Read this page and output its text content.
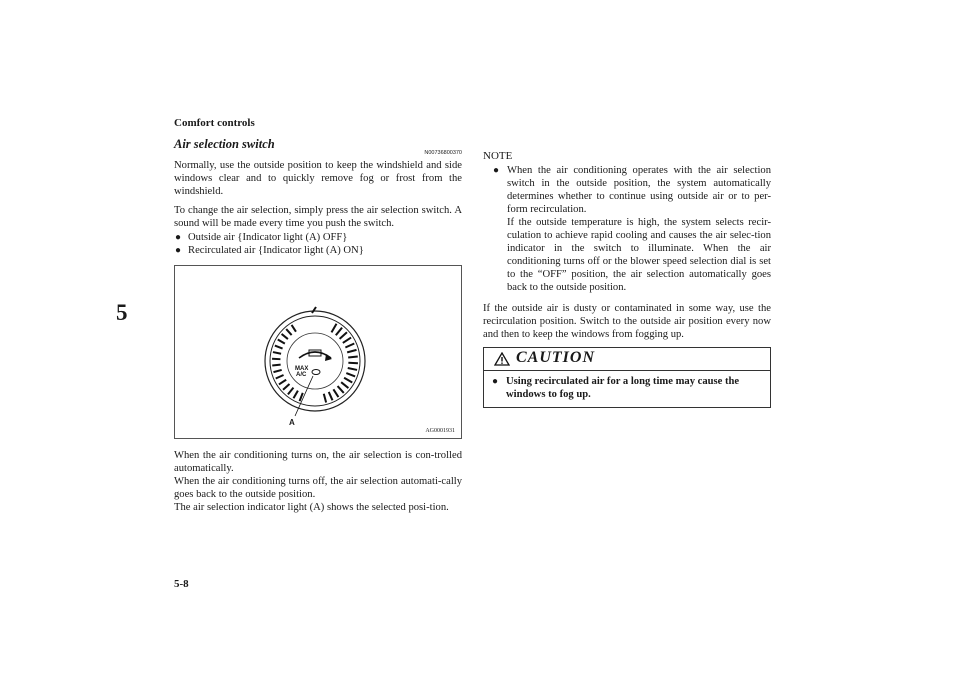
Comfort controls
5
5-8
Air selection switch
N00736800370

Normally, use the outside position to keep the windshield and side windows clear and to quickly remove fog or frost from the windshield.

To change the air selection, simply press the air selection switch. A sound will be made every time you push the switch.

● Outside air {Indicator light (A) OFF}
● Recirculated air {Indicator light (A) ON}
MAX
A/C
A
AG0001931

When the air conditioning turns on, the air selection is con-trolled automatically.

When the air conditioning turns off, the air selection automati-cally goes back to the outside position.

The air selection indicator light (A) shows the selected posi-tion.

NOTE
● When the air conditioning operates with the air selection switch in the outside position, the system automatically determines whether to continue using outside air or to per-form recirculation.
If the outside temperature is high, the system selects recir-culation to achieve rapid cooling and causes the air selec-tion indicator in the switch to illuminate. When the air conditioning turns off or the blower speed selection dial is set to the “OFF” position, the air selection automatically goes back to the outside position.

If the outside air is dusty or contaminated in some way, use the recirculation position. Switch to the outside air position every now and then to keep the windows from fogging up.

CAUTION
● Using recirculated air for a long time may cause the windows to fog up.
